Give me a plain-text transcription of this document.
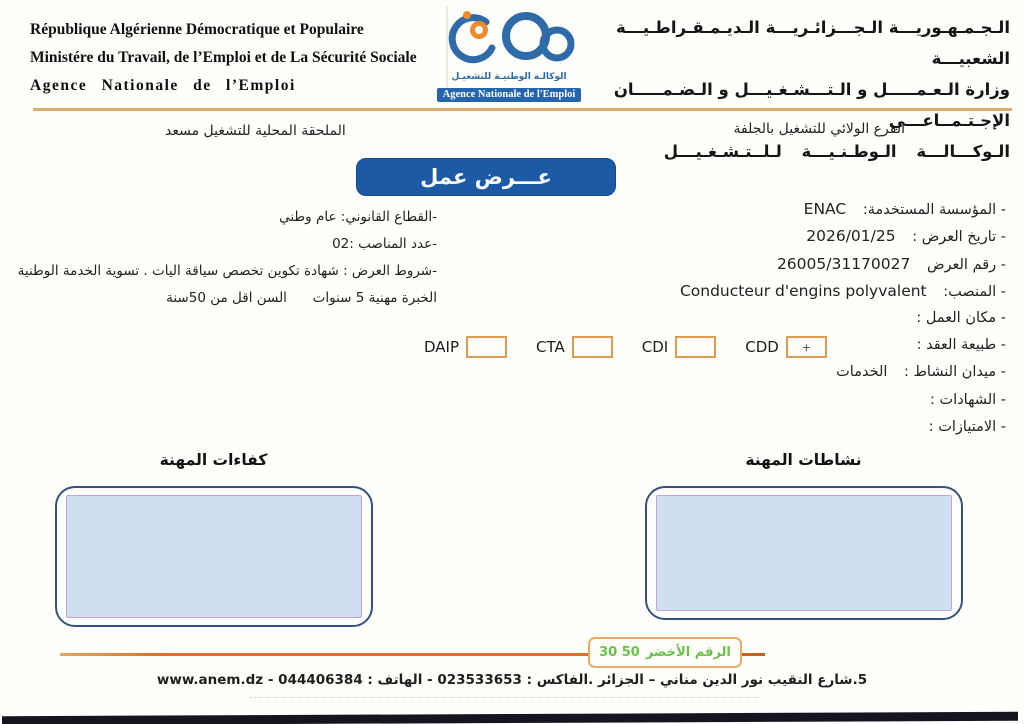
République Algérienne Démocratique et Populaire
Ministére du Travail, de l’Emploi et de La Sécurité Sociale
Agence Nationale de l’Emploi	الوكالـة الوطنيـة للتشغيـل
Agence Nationale de l'Emploi
الـجـمـهـوريـــة الـجـــزائـريـــة الـديـمـقـراطـيـــة الشعبيـــة
وزارة الـعـمـــــل و الـتـــشـغـيـــل و الـضـمـــــان الإجـتـمــاعـــي
الـوكـــالـــة الـوطـنـيـــة لـلــتـشـغـيـــل
الفرع الولائي للتشغيل بالجلفة
الملحقة المحلية للتشغيل مسعد
عـــرض عمل
- المؤسسة المستخدمة: ENAC
- تاريخ العرض : 2026/01/25
- رقم العرض 26005/31170027
- المنصب: Conducteur d'engins polyvalent
- مكان العمل :
- طبيعة العقد :
- ميدان النشاط : الخدمات
- الشهادات :
- الامتيازات :
DAIP	CTA	CDI	CDD +
-القطاع القانوني: عام وطني
-عدد المناصب :02
-شروط العرض : شهادة تكوين تخصص سياقة اليات . تسوية الخدمة الوطنية
الخبرة مهنية 5 سنوات      السن اقل من 50سنة
نشاطات المهنة
كفاءات المهنة
الرقم الأخضر
30 50
5.شارع النقيب نور الدين مناني – الجزائر .الفاكس : 023533653 - الهاتف : 044406384 - www.anem.dz
